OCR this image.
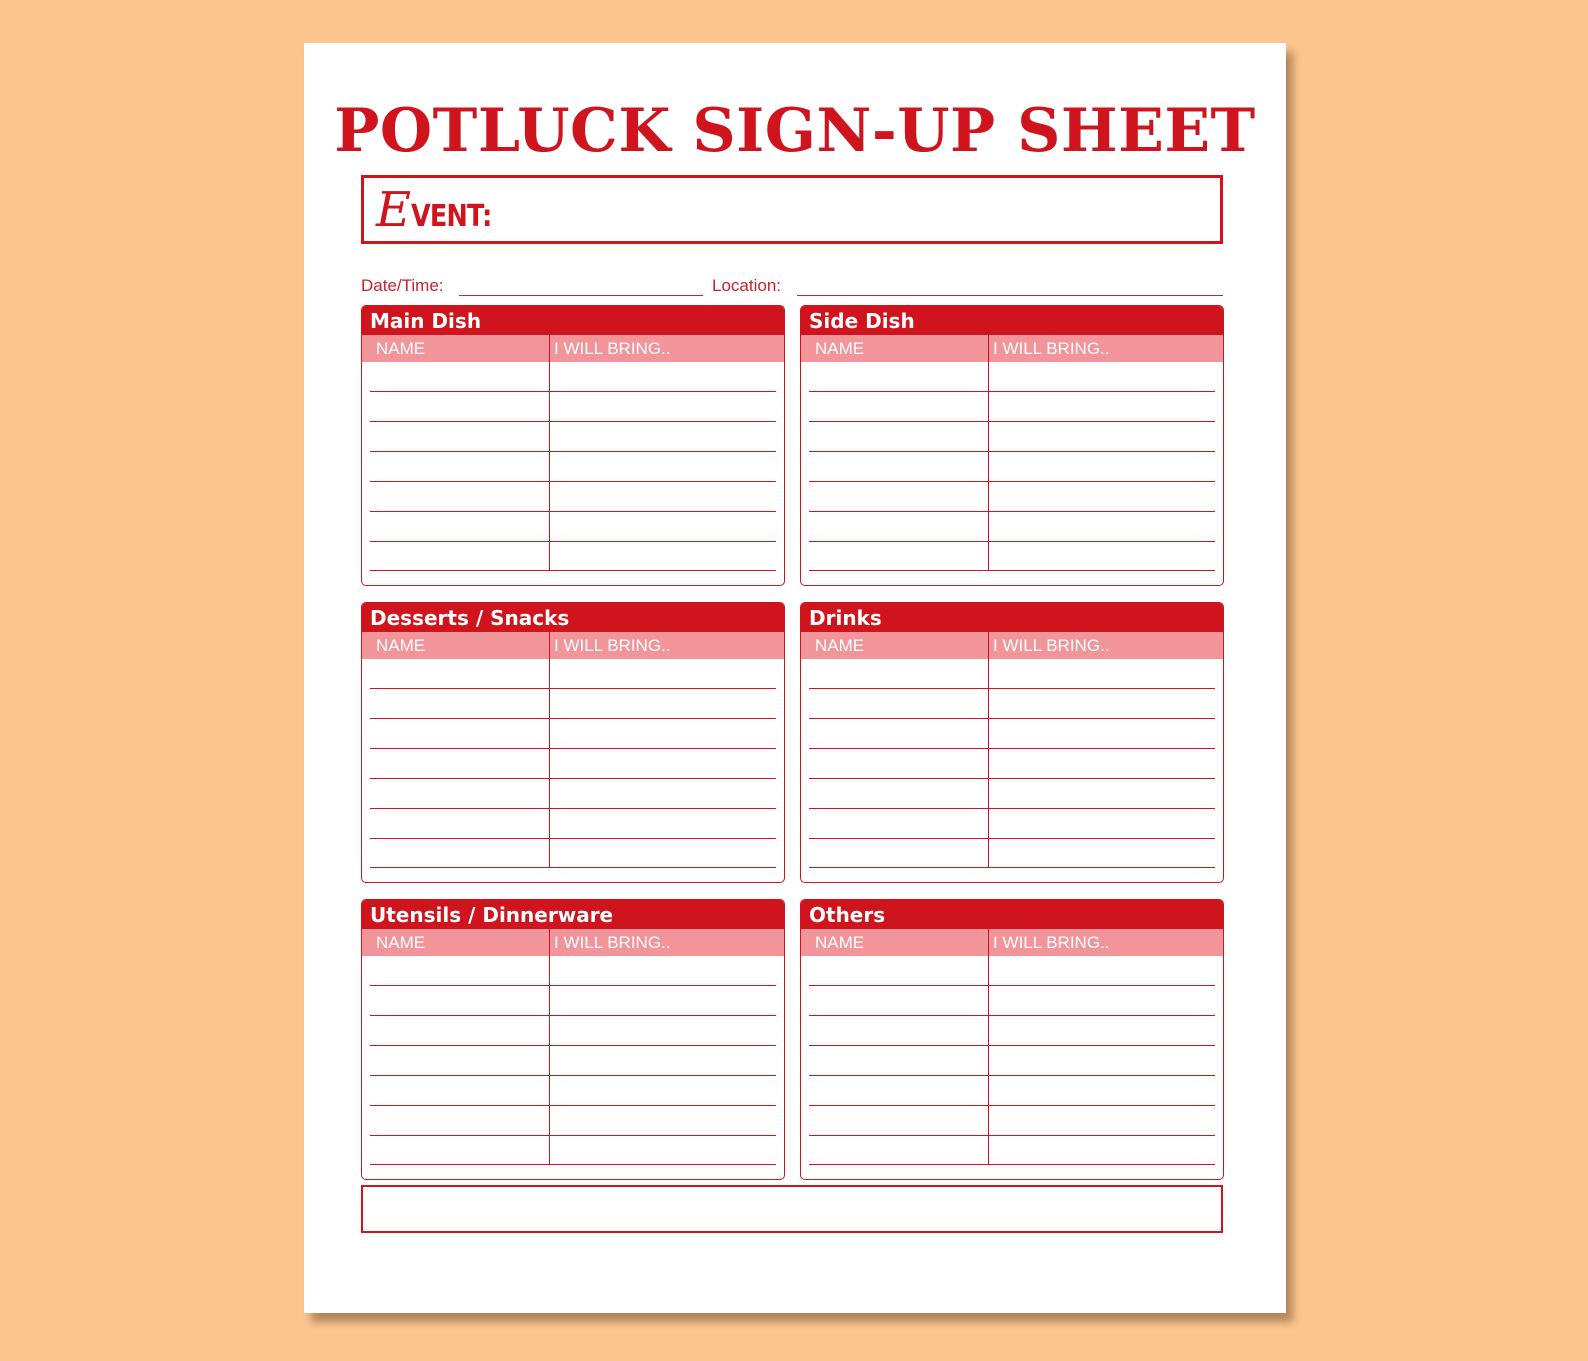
POTLUCK SIGN-UP SHEET
EVENT:
Date/Time:	Location:
Main Dish
NAME	I WILL BRING..
Side Dish
NAME	I WILL BRING..
Desserts / Snacks
NAME	I WILL BRING..
Drinks
NAME	I WILL BRING..
Utensils / Dinnerware
NAME	I WILL BRING..
Others
NAME	I WILL BRING..
